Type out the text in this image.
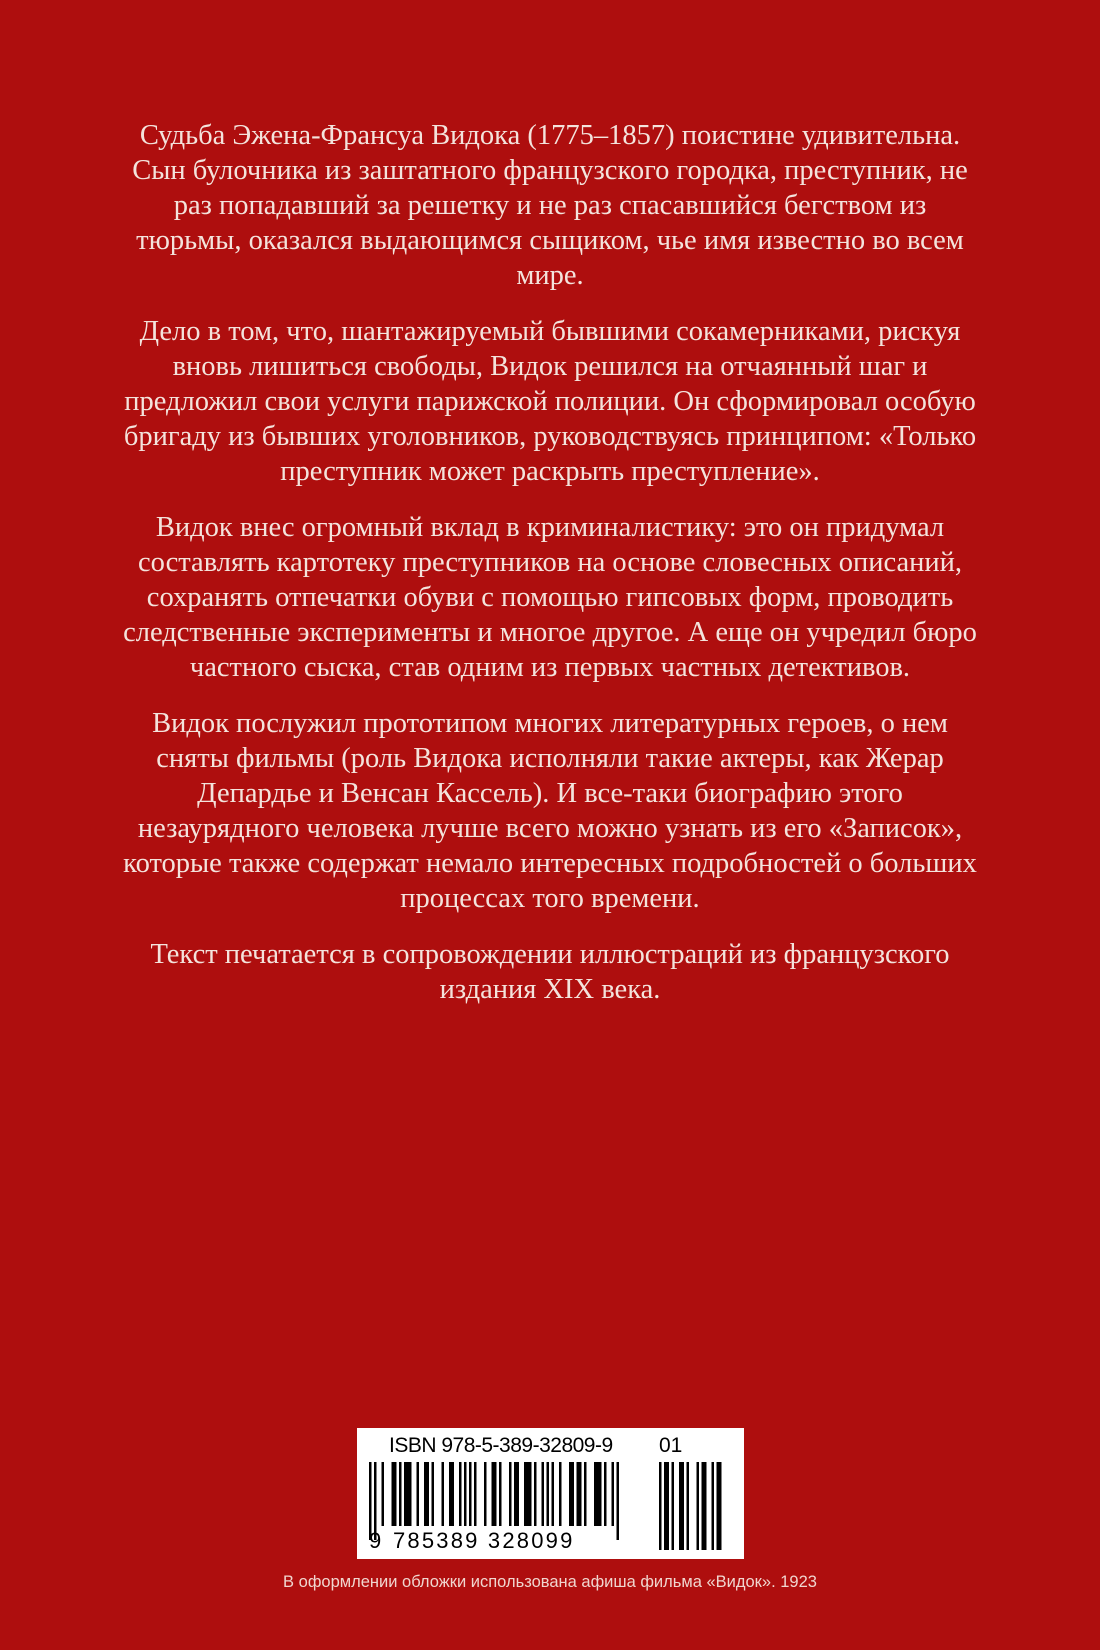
Судьба Эжена-Франсуа Видока (1775–1857) поистине удивительна. Сын булочника из заштатного французского городка, преступник, не раз попадавший за решетку и не раз спасавшийся бегством из тюрьмы, оказался выдающимся сыщиком, чье имя известно во всем мире.

Дело в том, что, шантажируемый бывшими сокамерниками, рискуя вновь лишиться свободы, Видок решился на отчаянный шаг и предложил свои услуги парижской полиции. Он сформировал особую бригаду из бывших уголовников, руководствуясь принципом: «Только преступник может раскрыть преступление».

Видок внес огромный вклад в криминалистику: это он придумал составлять картотеку преступников на основе словесных описаний, сохранять отпечатки обуви с помощью гипсовых форм, проводить следственные эксперименты и многое другое. А еще он учредил бюро частного сыска, став одним из первых частных детективов.

Видок послужил прототипом многих литературных героев, о нем сняты фильмы (роль Видока исполняли такие актеры, как Жерар Депардье и Венсан Кассель). И все-таки биографию этого незаурядного человека лучше всего можно узнать из его «Записок», которые также содержат немало интересных подробностей о больших процессах того времени.

Текст печатается в сопровождении иллюстраций из французского издания XIX века.

ISBN 978-5-389-32809-9 01
9 785389 328099
В оформлении обложки использована афиша фильма «Видок». 1923
